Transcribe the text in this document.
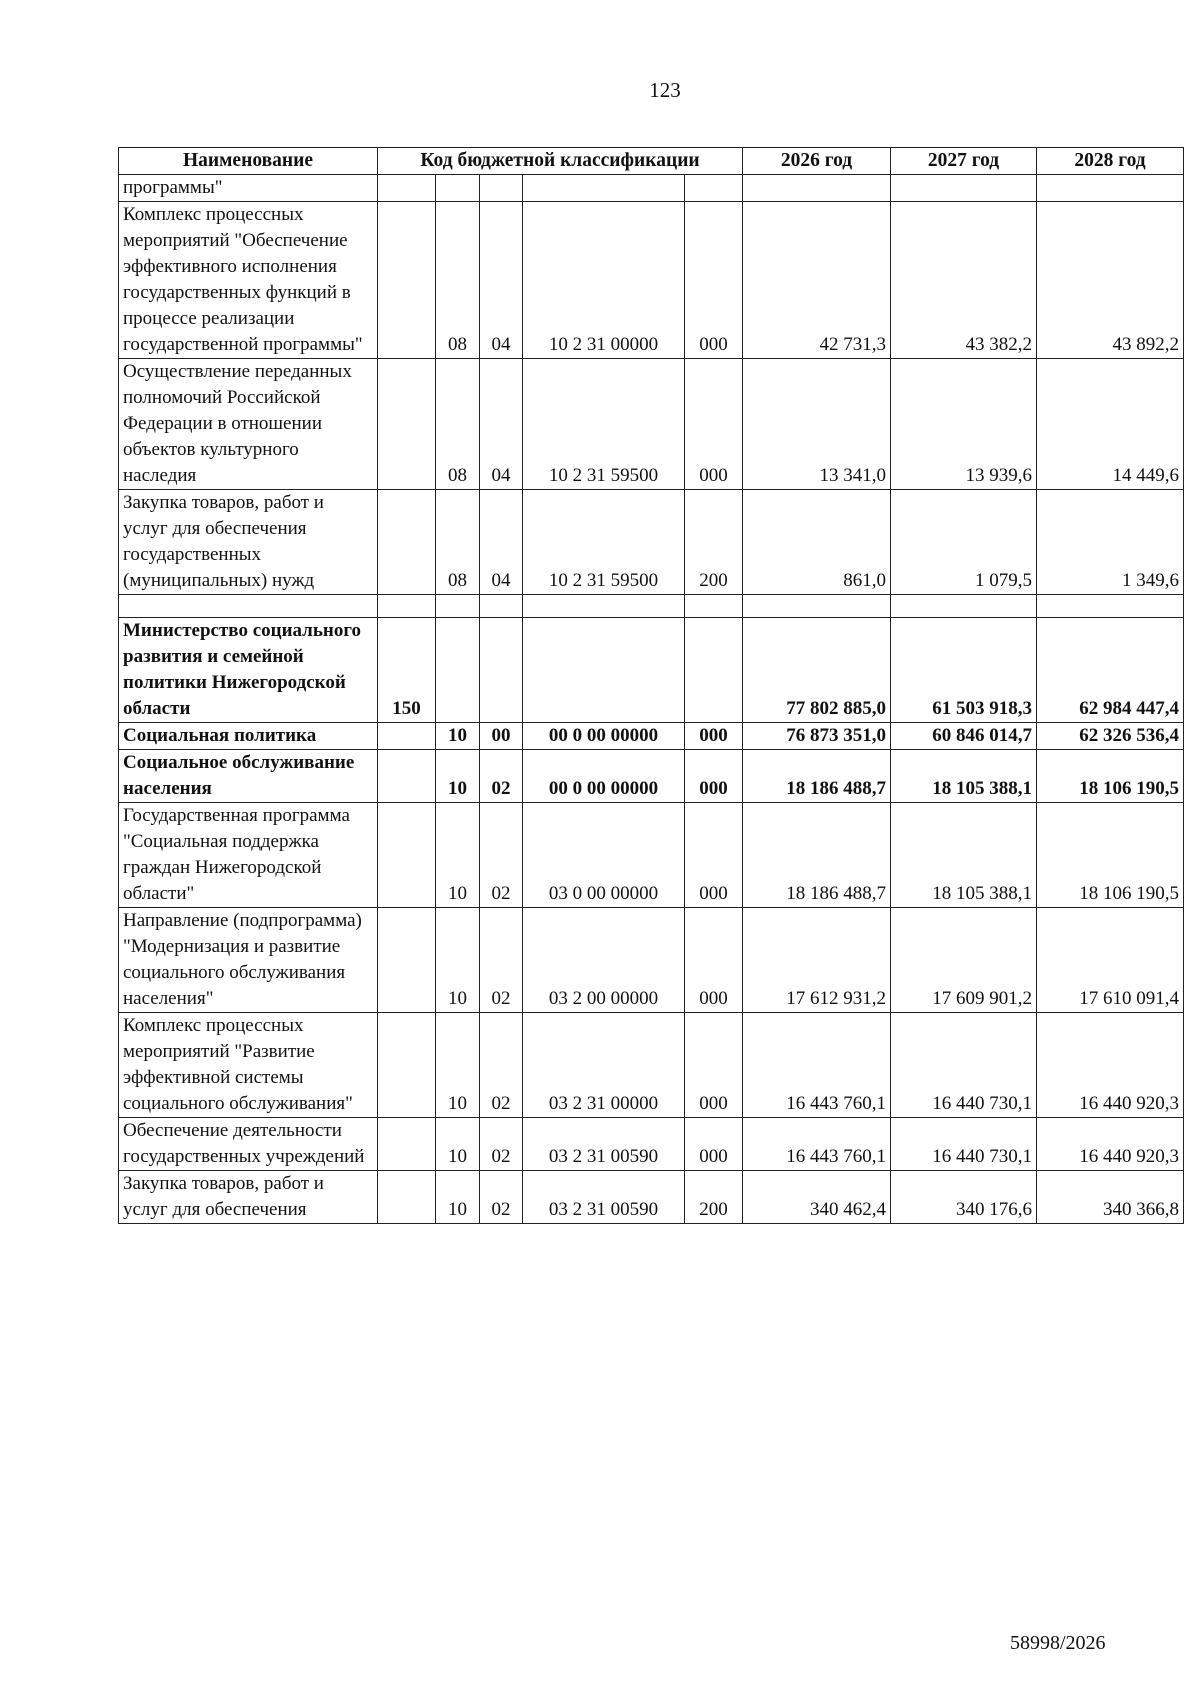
123
Наименование	Код бюджетной классификации					2026 год	2027 год	2028 год
программы"								
Комплекс процессных мероприятий "Обеспечение эффективного исполнения государственных функций в процессе реализации государственной программы"		08	04	10 2 31 00000	000	42 731,3	43 382,2	43 892,2
Осуществление переданных полномочий Российской Федерации в отношении объектов культурного наследия		08	04	10 2 31 59500	000	13 341,0	13 939,6	14 449,6
Закупка товаров, работ и услуг для обеспечения государственных (муниципальных) нужд		08	04	10 2 31 59500	200	861,0	1 079,5	1 349,6

Министерство социального развития и семейной политики Нижегородской области	150					77 802 885,0	61 503 918,3	62 984 447,4
Социальная политика		10	00	00 0 00 00000	000	76 873 351,0	60 846 014,7	62 326 536,4
Социальное обслуживание населения		10	02	00 0 00 00000	000	18 186 488,7	18 105 388,1	18 106 190,5
Государственная программа "Социальная поддержка граждан Нижегородской области"		10	02	03 0 00 00000	000	18 186 488,7	18 105 388,1	18 106 190,5
Направление (подпрограмма) "Модернизация и развитие социального обслуживания населения"		10	02	03 2 00 00000	000	17 612 931,2	17 609 901,2	17 610 091,4
Комплекс процессных мероприятий "Развитие эффективной системы социального обслуживания"		10	02	03 2 31 00000	000	16 443 760,1	16 440 730,1	16 440 920,3
Обеспечение деятельности государственных учреждений		10	02	03 2 31 00590	000	16 443 760,1	16 440 730,1	16 440 920,3
Закупка товаров, работ и услуг для обеспечения		10	02	03 2 31 00590	200	340 462,4	340 176,6	340 366,8
58998/2026
